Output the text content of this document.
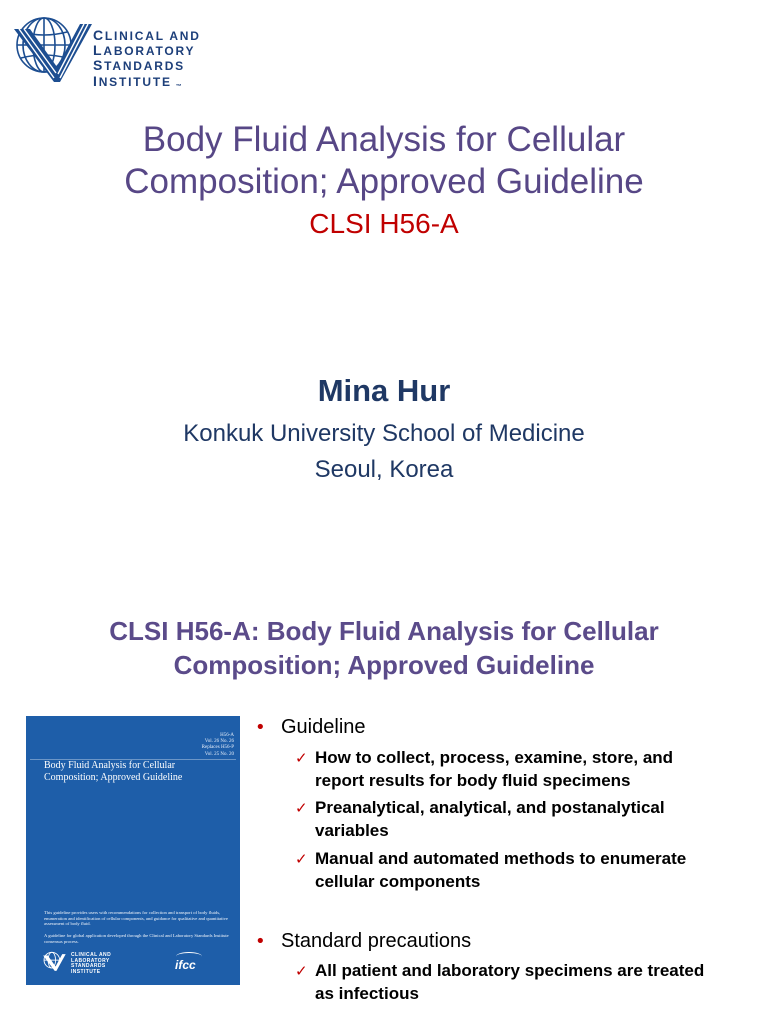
CLINICAL AND
LABORATORY
STANDARDS
INSTITUTE ™
Body Fluid Analysis for Cellular Composition; Approved Guideline
CLSI H56-A
Mina Hur
Konkuk University School of Medicine
Seoul, Korea
CLSI H56-A: Body Fluid Analysis for Cellular Composition; Approved Guideline
H56-A
Vol. 26 No. 26
Replaces H56-P
Vol. 25 No. 20
Body Fluid Analysis for Cellular Composition; Approved Guideline
This guideline provides users with recommendations for collection and transport of body fluids, enumeration and identification of cellular components, and guidance for qualitative and quantitative assessment of body fluid.
A guideline for global application developed through the Clinical and Laboratory Standards Institute consensus process.
CLINICAL AND
LABORATORY
STANDARDS
INSTITUTE	ifcc
•
Guideline
✓
How to collect, process, examine, store, and report results for body fluid specimens
✓
Preanalytical, analytical, and postanalytical variables
✓
Manual and automated methods to enumerate cellular components
•
Standard precautions
✓
All patient and laboratory specimens are treated as infectious
